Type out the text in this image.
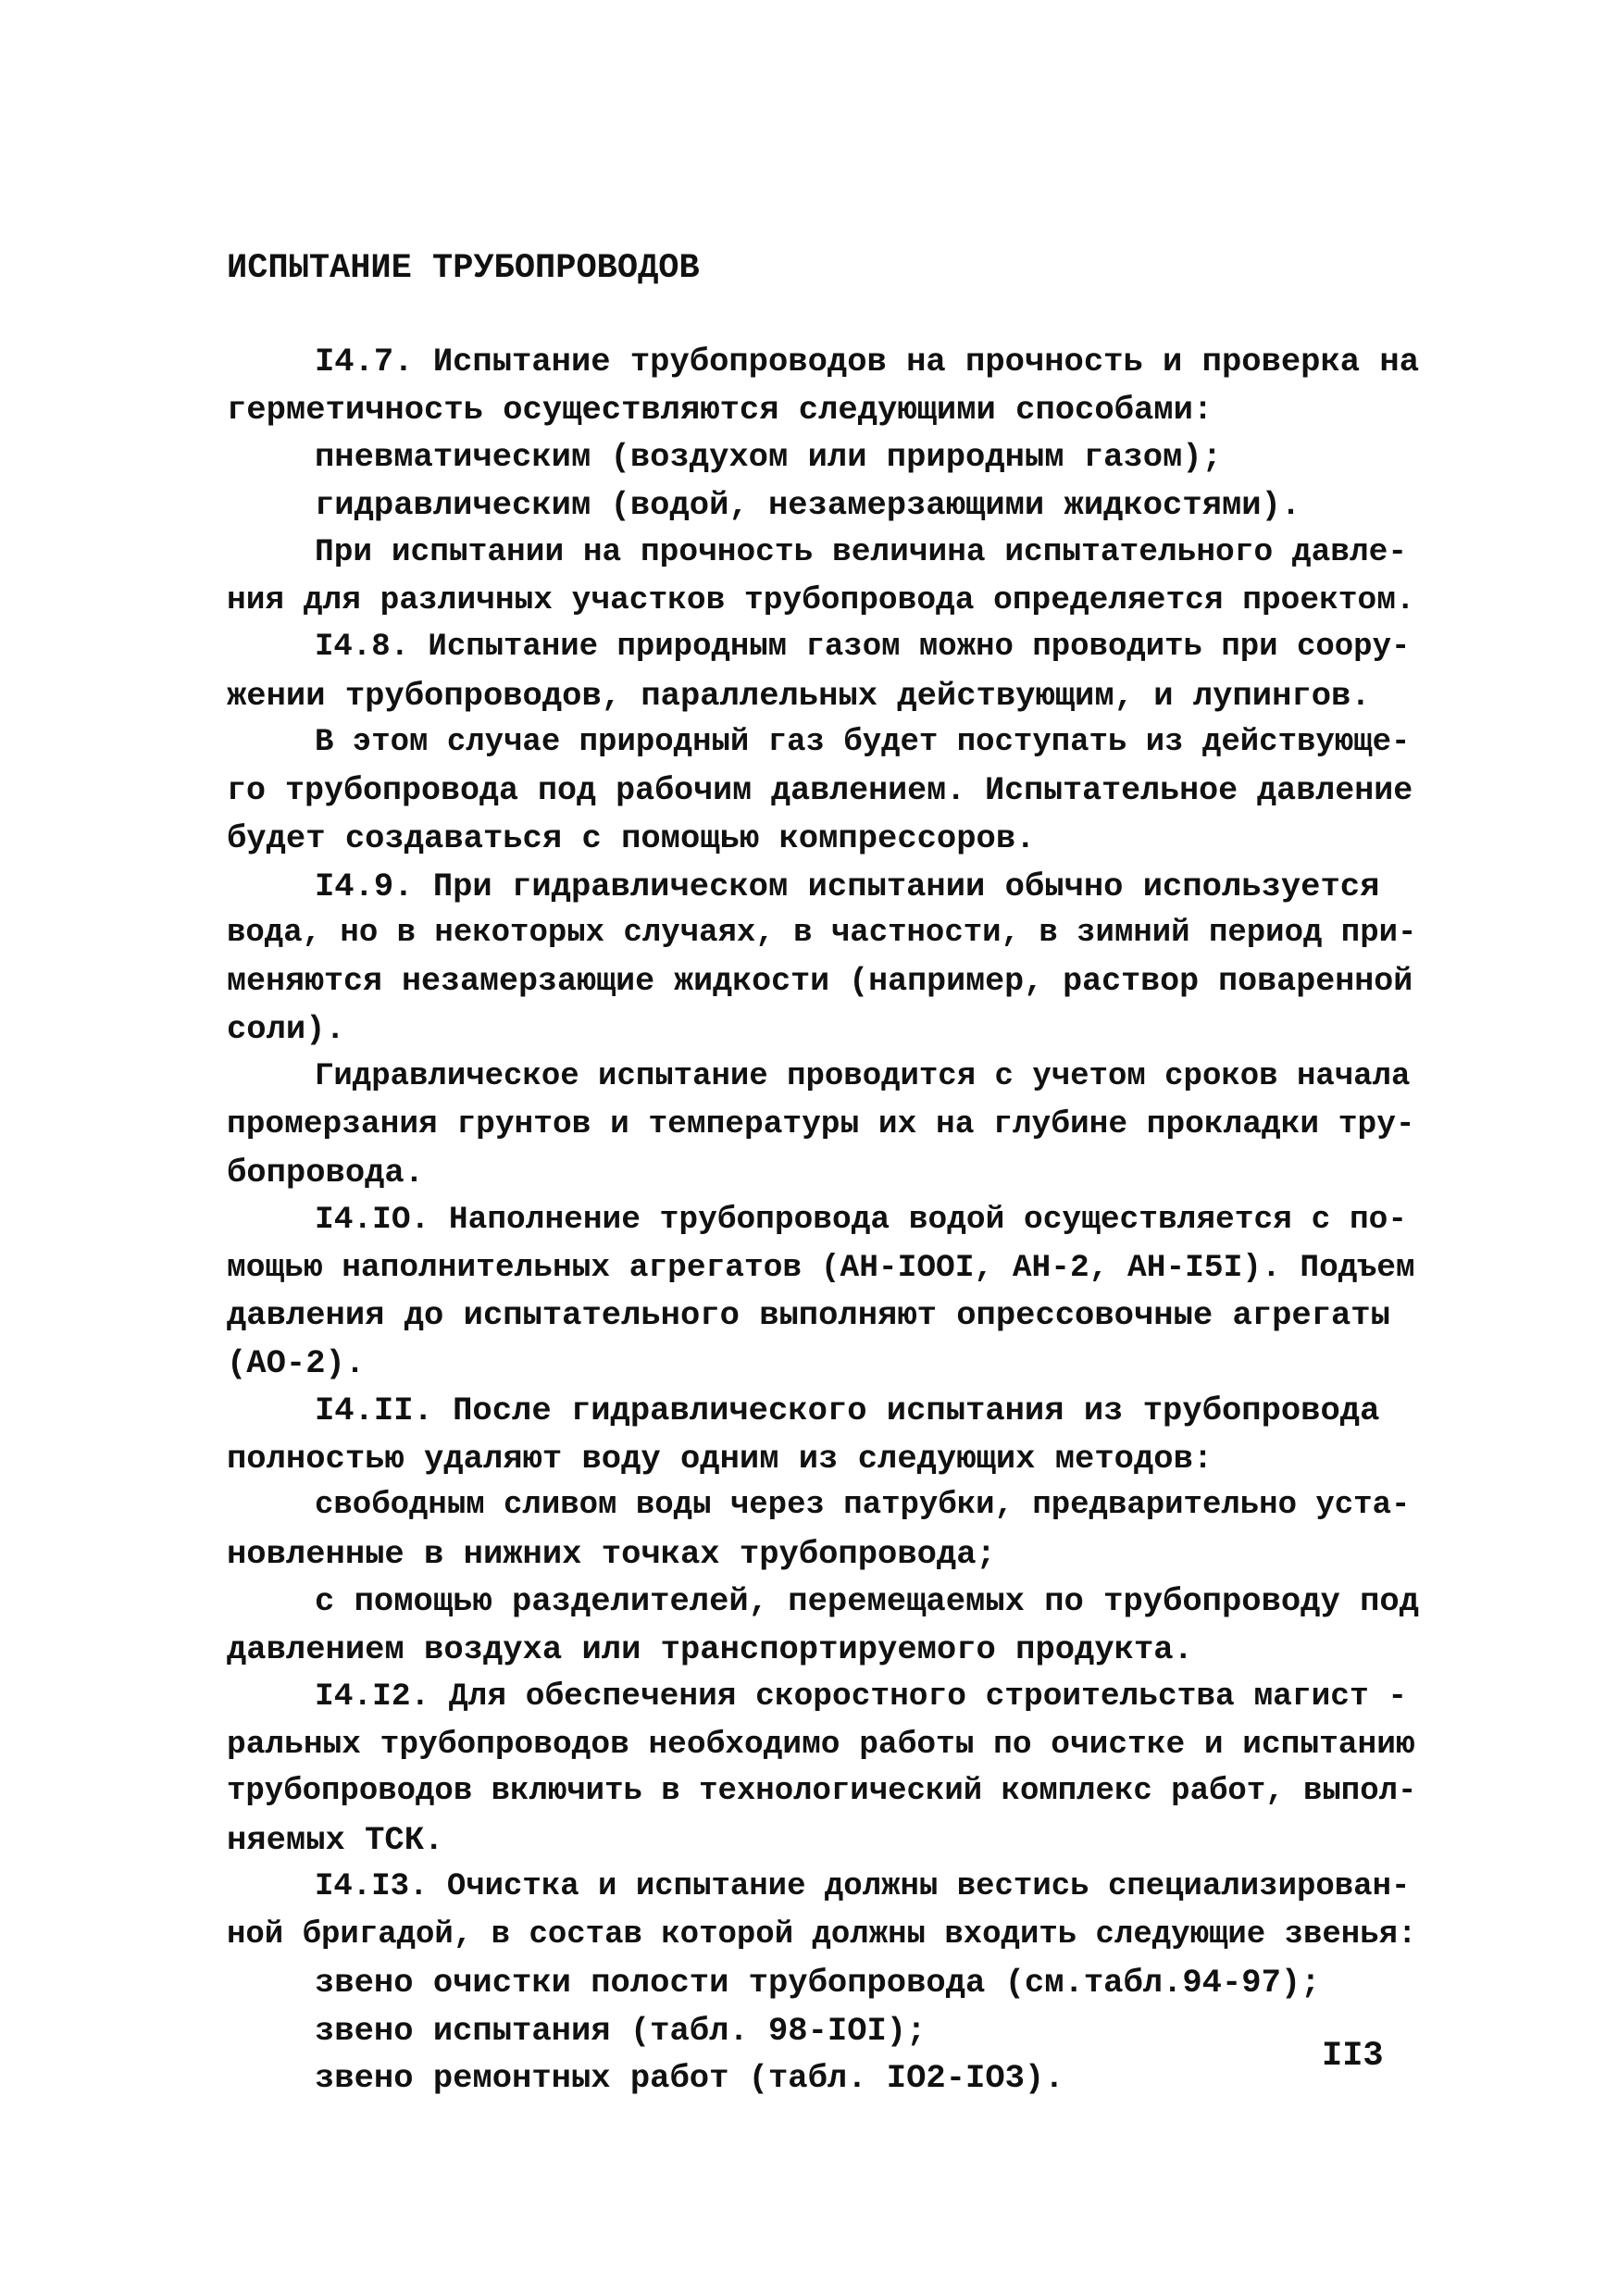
ИСПЫТАНИЕ ТРУБОПРОВОДОВ
I4.7. Испытание трубопроводов на прочность и проверка на
герметичность осуществляются следующими способами:
пневматическим (воздухом или природным газом);
гидравлическим (водой, незамерзающими жидкостями).
При испытании на прочность величина испытательного давле-
ния для различных участков трубопровода определяется проектом.
I4.8. Испытание природным газом можно проводить при соору-
жении трубопроводов, параллельных действующим, и лупингов.
В этом случае природный газ будет поступать из действующе-
го трубопровода под рабочим давлением. Испытательное давление
будет создаваться с помощью компрессоров.
I4.9. При гидравлическом испытании обычно используется
вода, но в некоторых случаях, в частности, в зимний период при-
меняются незамерзающие жидкости (например, раствор поваренной
соли).
Гидравлическое испытание проводится с учетом сроков начала
промерзания грунтов и температуры их на глубине прокладки тру-
бопровода.
I4.IO. Наполнение трубопровода водой осуществляется с по-
мощью наполнительных агрегатов (АН-IOOI, АН-2, АН-I5I). Подъем
давления до испытательного выполняют опрессовочные агрегаты
(АО-2).
I4.II. После гидравлического испытания из трубопровода
полностью удаляют воду одним из следующих методов:
свободным сливом воды через патрубки, предварительно уста-
новленные в нижних точках трубопровода;
с помощью разделителей, перемещаемых по трубопроводу под
давлением воздуха или транспортируемого продукта.
I4.I2. Для обеспечения скоростного строительства магист -
ральных трубопроводов необходимо работы по очистке и испытанию
трубопроводов включить в технологический комплекс работ, выпол-
няемых ТСК.
I4.I3. Очистка и испытание должны вестись специализирован-
ной бригадой, в состав которой должны входить следующие звенья:
звено очистки полости трубопровода (см.табл.94-97);
звено испытания (табл. 98-IOI);
звено ремонтных работ (табл. IO2-IO3).
II3
